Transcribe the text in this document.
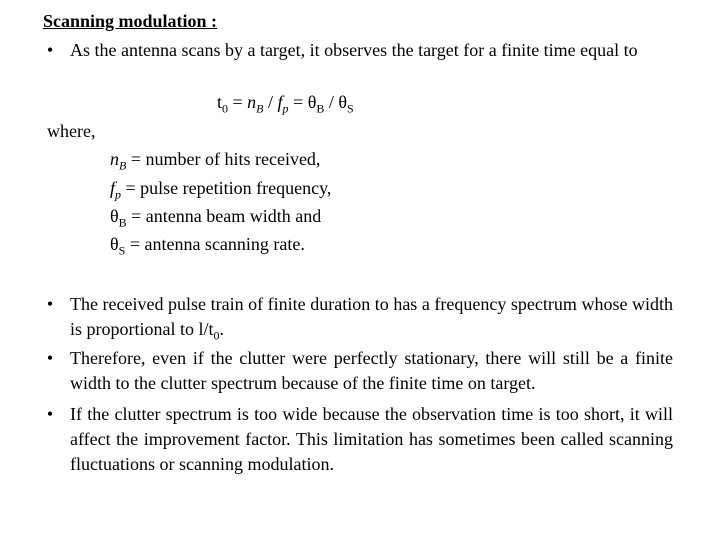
Scanning modulation :
• As the antenna scans by a target, it observes the target for a finite time equal to
$t_0 = n_B / f_p = \theta_B / \theta_S$
where,
$n_B$ = number of hits received,
$f_p$ = pulse repetition frequency,
$\theta_B$ = antenna beam width and
$\theta_S$ = antenna scanning rate.
• The received pulse train of finite duration to has a frequency spectrum whose width is proportional to $l/t_0$.
• Therefore, even if the clutter were perfectly stationary, there will still be a finite width to the clutter spectrum because of the finite time on target.
• If the clutter spectrum is too wide because the observation time is too short, it will affect the improvement factor. This limitation has sometimes been called scanning fluctuations or scanning modulation.
